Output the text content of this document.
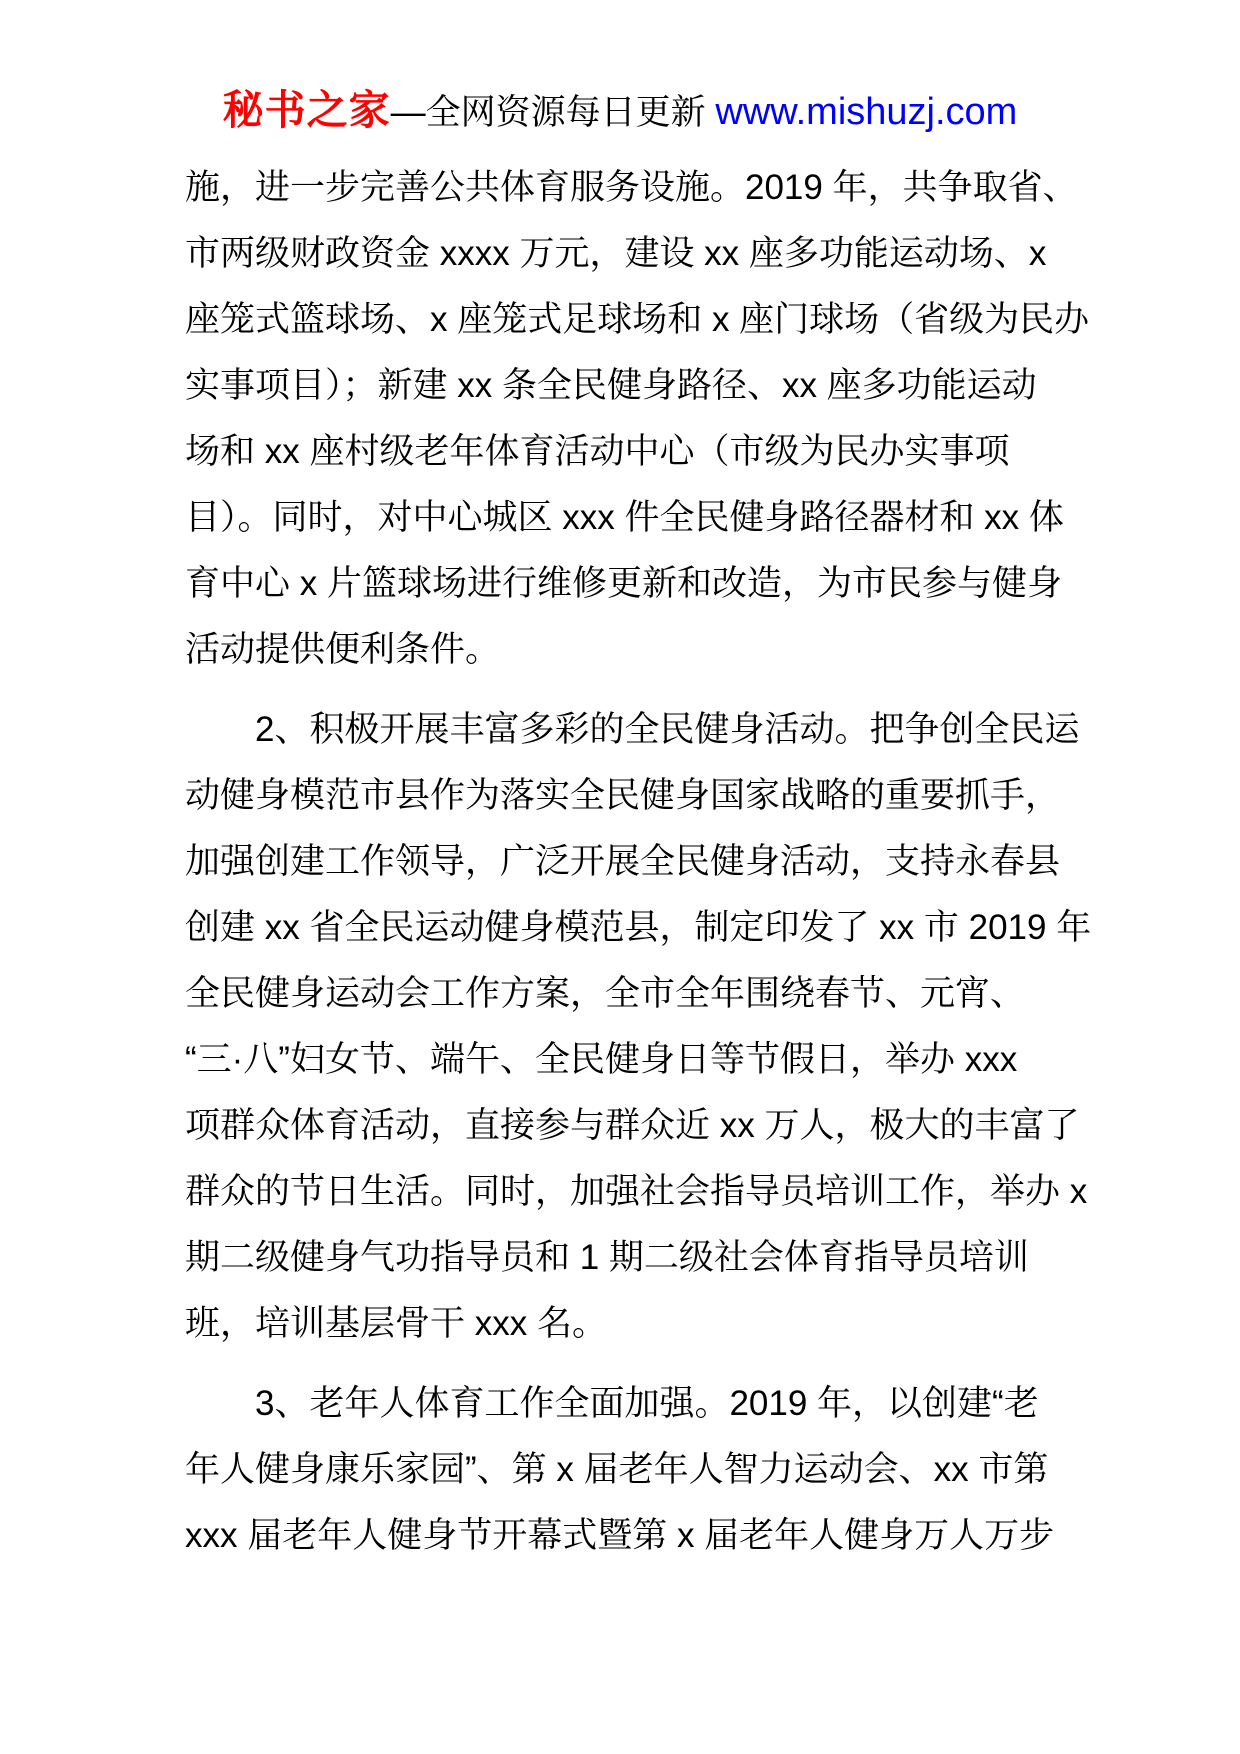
秘书之家—全网资源每日更新 www.mishuzj.com
施，进一步完善公共体育服务设施。2019 年，共争取省、
市两级财政资金 xxxx 万元，建设 xx 座多功能运动场、x
座笼式篮球场、x 座笼式足球场和 x 座门球场（省级为民办
实事项目）；新建 xx 条全民健身路径、xx 座多功能运动
场和 xx 座村级老年体育活动中心（市级为民办实事项
目）。同时，对中心城区 xxx 件全民健身路径器材和 xx 体
育中心 x 片篮球场进行维修更新和改造，为市民参与健身
活动提供便利条件。
2、积极开展丰富多彩的全民健身活动。把争创全民运
动健身模范市县作为落实全民健身国家战略的重要抓手，
加强创建工作领导，广泛开展全民健身活动，支持永春县
创建 xx 省全民运动健身模范县，制定印发了 xx 市 2019 年
全民健身运动会工作方案，全市全年围绕春节、元宵、
“三·八”妇女节、端午、全民健身日等节假日，举办 xxx
项群众体育活动，直接参与群众近 xx 万人，极大的丰富了
群众的节日生活。同时，加强社会指导员培训工作，举办 x
期二级健身气功指导员和 1 期二级社会体育指导员培训
班，培训基层骨干 xxx 名。
3、老年人体育工作全面加强。2019 年，以创建“老
年人健身康乐家园”、第 x 届老年人智力运动会、xx 市第
xxx 届老年人健身节开幕式暨第 x 届老年人健身万人万步
